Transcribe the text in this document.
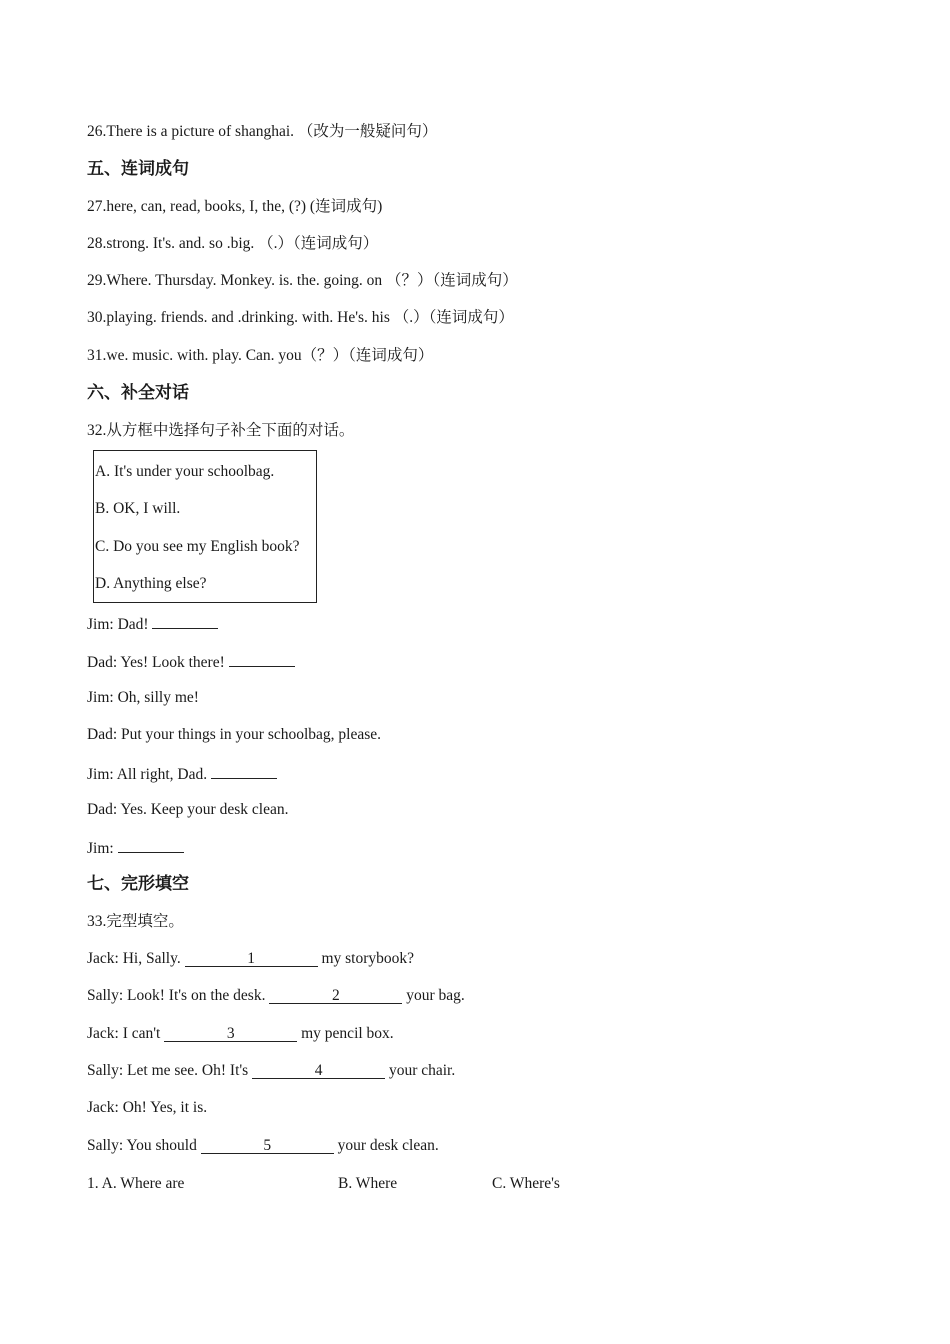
26.There is a picture of shanghai. （改为一般疑问句）
五、连词成句
27.here, can, read, books, I, the, (?) (连词成句)
28.strong. It's. and. so .big. （.）（连词成句）
29.Where. Thursday. Monkey. is. the. going. on （？）（连词成句）
30.playing. friends. and .drinking. with. He's. his （.）（连词成句）
31.we. music. with. play. Can. you（？）（连词成句）
六、补全对话
32.从方框中选择句子补全下面的对话。
A. It's under your schoolbag.
B. OK, I will.
C. Do you see my English book?
D. Anything else?
Jim: Dad!
Dad: Yes! Look there!
Jim: Oh, silly me!
Dad: Put your things in your schoolbag, please.
Jim: All right, Dad.
Dad: Yes. Keep your desk clean.
Jim:
七、完形填空
33.完型填空。
Jack: Hi, Sally.	1	my storybook?
Sally: Look! It's on the desk.	2	your bag.
Jack: I can't	3	my pencil box.
Sally: Let me see. Oh! It's	4	your chair.
Jack: Oh! Yes, it is.
Sally: You should	5	your desk clean.
1. A. Where are	B. Where	C. Where's
